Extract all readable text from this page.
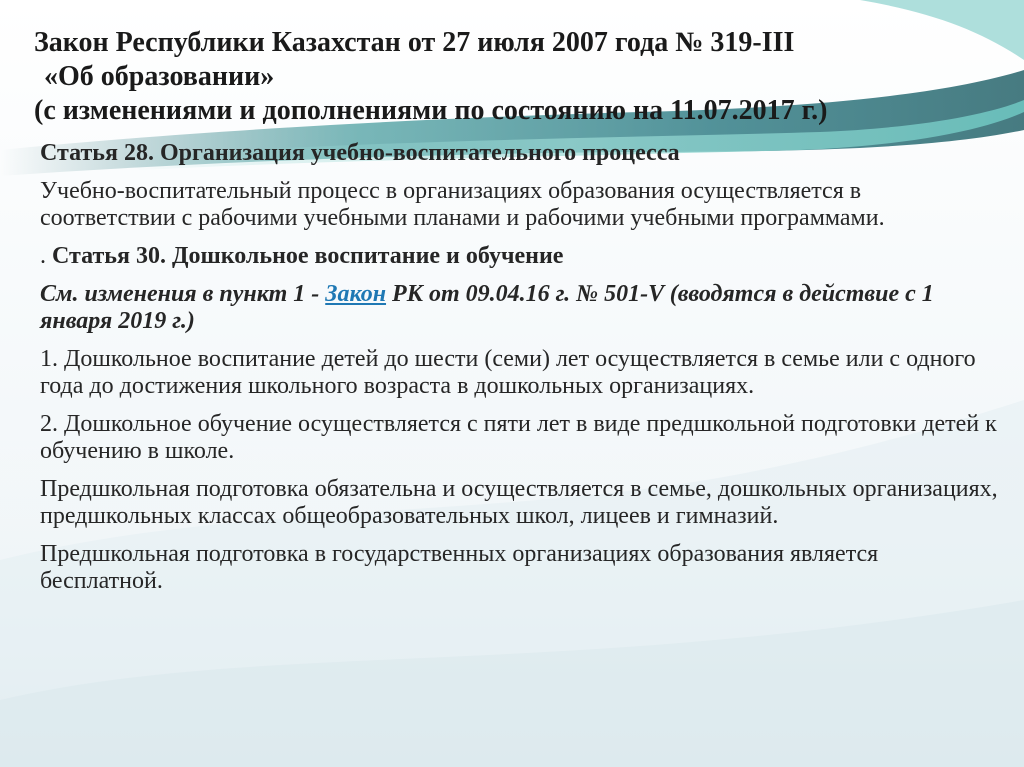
Закон Республики Казахстан от 27 июля 2007 года № 319-III
«Об образовании»
(с изменениями и дополнениями по состоянию на 11.07.2017 г.)

Статья 28. Организация учебно-воспитательного процесса

Учебно-воспитательный процесс в организациях образования осуществляется в соответствии с рабочими учебными планами и рабочими учебными программами.

. Статья 30. Дошкольное воспитание и обучение

См. изменения в пункт 1 - Закон РК от 09.04.16 г. № 501-V (вводятся в действие с 1 января 2019 г.)

1. Дошкольное воспитание детей до шести (семи) лет осуществляется в семье или с одного года до достижения школьного возраста в дошкольных организациях.

2. Дошкольное обучение осуществляется с пяти лет в виде предшкольной подготовки детей к обучению в школе.

Предшкольная подготовка обязательна и осуществляется в семье, дошкольных организациях, предшкольных классах общеобразовательных школ, лицеев и гимназий.

Предшкольная подготовка в государственных организациях образования является бесплатной.
